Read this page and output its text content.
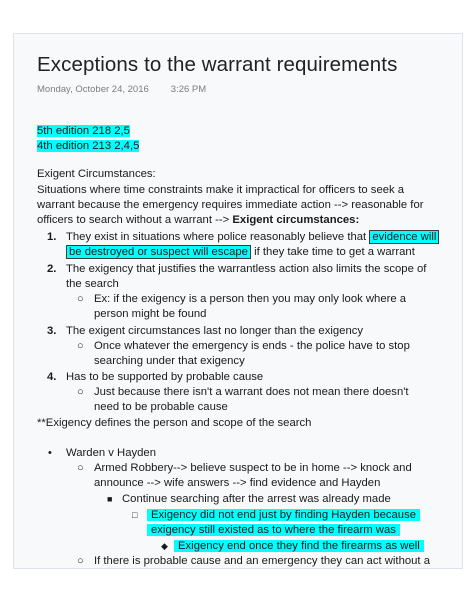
Exceptions to the warrant requirements
Monday, October 24, 2016 3:26 PM
5th edition 218 2,5
4th edition 213 2,4,5
Exigent Circumstances:
Situations where time constraints make it impractical for officers to seek a
warrant because the emergency requires immediate action --> reasonable for
officers to search without a warrant --> Exigent circumstances:
1. They exist in situations where police reasonably believe that evidence will
be destroyed or suspect will escape if they take time to get a warrant
2. The exigency that justifies the warrantless action also limits the scope of
the search
○ Ex: if the exigency is a person then you may only look where a
person might be found
3. The exigent circumstances last no longer than the exigency
○ Once whatever the emergency is ends - the police have to stop
searching under that exigency
4. Has to be supported by probable cause
○ Just because there isn't a warrant does not mean there doesn't
need to be probable cause
**Exigency defines the person and scope of the search
• Warden v Hayden
○ Armed Robbery--> believe suspect to be in home --> knock and
announce --> wife answers --> find evidence and Hayden
■ Continue searching after the arrest was already made
□	Exigency did not end just by finding Hayden because
exigency still existed as to where the firearm was
◆ Exigency end once they find the firearms as well
○ If there is probable cause and an emergency they can act without a
